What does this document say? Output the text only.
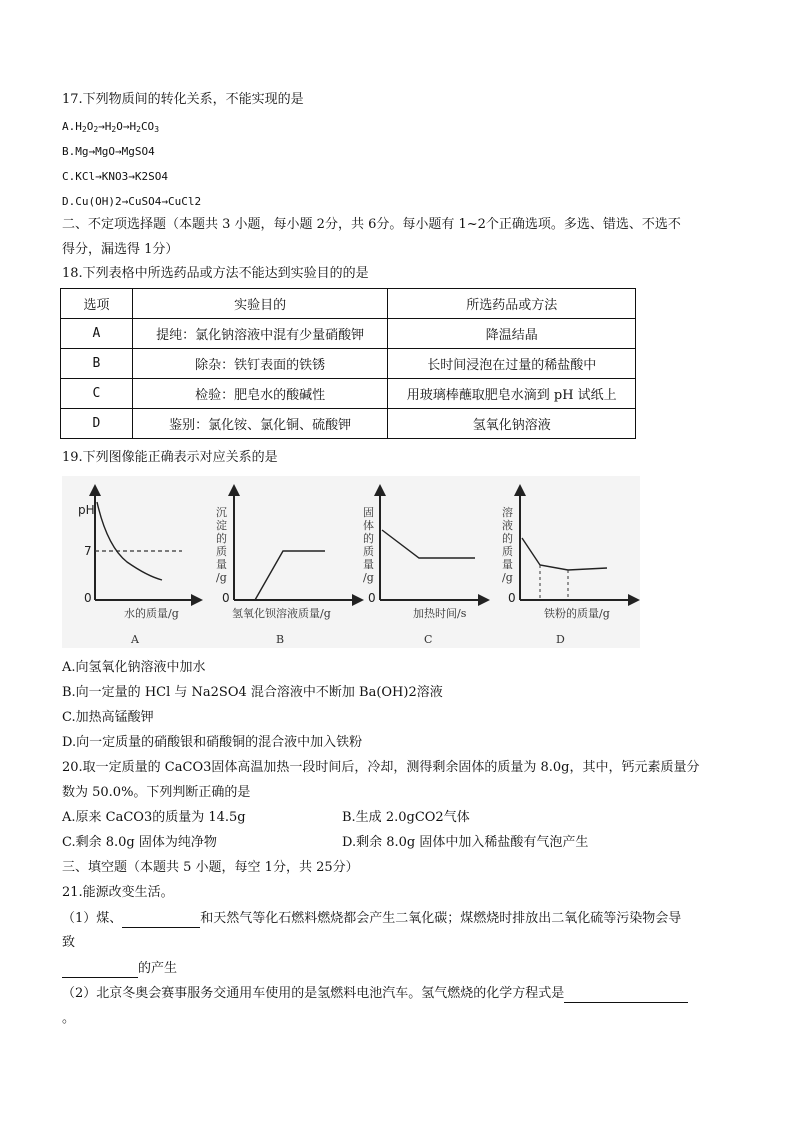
17.下列物质间的转化关系，不能实现的是
$A.H_2O_2\to H_2O\to H_2CO_3$
B.Mg→MgO→MgSO4
C.KCl→KNO3→K2SO4
D.Cu(OH)2→CuSO4→CuCl2
二、不定项选择题（本题共 3 小题，每小题 2分，共 6分。每小题有 1~2个正确选项。多选、错选、不选不
得分，漏选得 1分）
18.下列表格中所选药品或方法不能达到实验目的的是
选项	实验目的	所选药品或方法
A	提纯：氯化钠溶液中混有少量硝酸钾	降温结晶
B	除杂：铁钉表面的铁锈	长时间浸泡在过量的稀盐酸中
C	检验：肥皂水的酸碱性	用玻璃棒蘸取肥皂水滴到 pH 试纸上
D	鉴别：氯化铵、氯化铜、硫酸钾	氢氧化钠溶液
19.下列图像能正确表示对应关系的是
pH
7
0
水的质量/g
A
沉
淀
的
质
量
/g
0
氢氧化钡溶液质量/g
B
固
体
的
质
量
/g
0
加热时间/s
C
溶
液
的
质
量
/g
0
铁粉的质量/g
D
A.向氢氧化钠溶液中加水
B.向一定量的 HCl 与 Na2SO4 混合溶液中不断加 Ba(OH)2溶液
C.加热高锰酸钾
D.向一定质量的硝酸银和硝酸铜的混合液中加入铁粉
20.取一定质量的 CaCO3固体高温加热一段时间后，冷却，测得剩余固体的质量为 8.0g，其中，钙元素质量分
数为 50.0%。下列判断正确的是
A.原来 CaCO3的质量为 14.5g	B.生成 2.0gCO2气体
C.剩余 8.0g 固体为纯净物	D.剩余 8.0g 固体中加入稀盐酸有气泡产生
三、填空题（本题共 5 小题，每空 1分，共 25分）
21.能源改变生活。
（1）煤、	和天然气等化石燃料燃烧都会产生二氧化碳；煤燃烧时排放出二氧化硫等污染物会导
致
的产生
（2）北京冬奥会赛事服务交通用车使用的是氢燃料电池汽车。氢气燃烧的化学方程式是
。
